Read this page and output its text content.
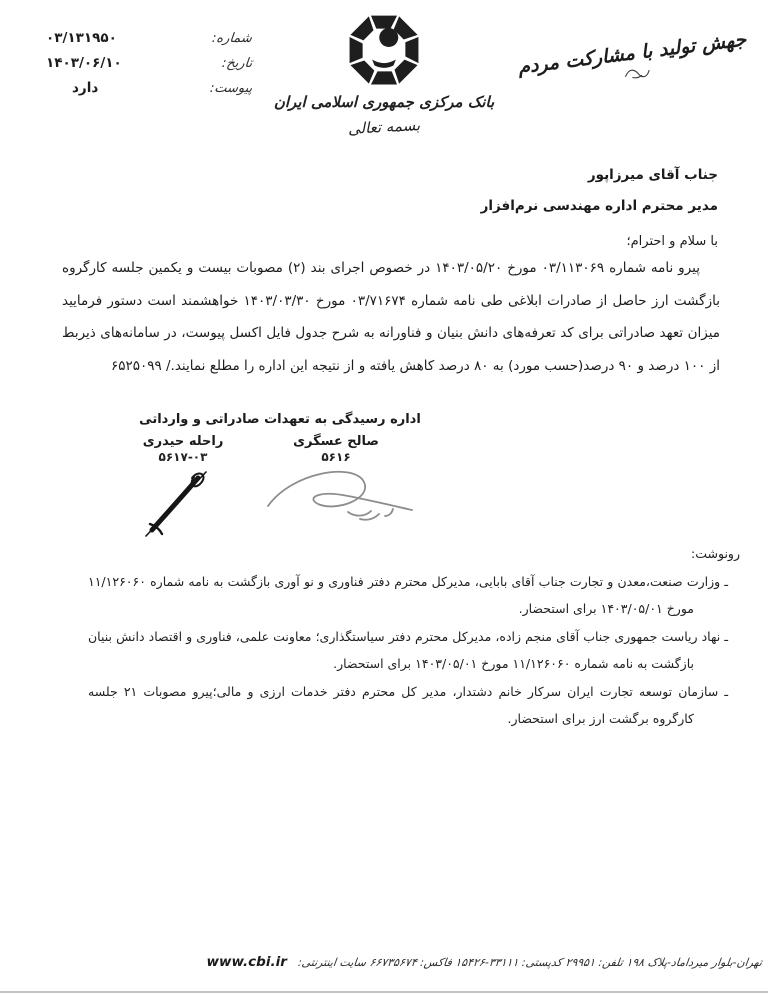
جهش تولید با مشارکت مردم
بانک مرکزی جمهوری اسلامی ایران
بسمه تعالی
شماره:
۰۳/۱۳۱۹۵۰
تاریخ:
۱۴۰۳/۰۶/۱۰
پیوست:
دارد
جناب آقای میرزاپور
مدیر محترم اداره مهندسی نرم‌افزار
با سلام و احترام؛

پیرو نامه شماره ۰۳/۱۱۳۰۶۹ مورخ ۱۴۰۳/۰۵/۲۰ در خصوص اجرای بند (۲) مصوبات بیست و یکمین جلسه کارگروه بازگشت ارز حاصل از صادرات ابلاغی طی نامه شماره ۰۳/۷۱۶۷۴ مورخ ۱۴۰۳/۰۳/۳۰ خواهشمند است دستور فرمایید میزان تعهد صادراتی برای کد تعرفه‌های دانش بنیان و فناورانه به شرح جدول فایل اکسل پیوست، در سامانه‌های ذیربط از ۱۰۰ درصد و ۹۰ درصد(حسب مورد) به ۸۰ درصد کاهش یافته و از نتیجه این اداره را مطلع نمایند./ ۶۵۲۵۰۹۹

اداره رسیدگی به تعهدات صادراتی و وارداتی
صالح عسگری
۵۶۱۶
راحله حیدری
۵۶۱۷-۰۳
رونوشت:
ـ وزارت صنعت،معدن و تجارت جناب آقای بابایی، مدیرکل محترم دفتر فناوری و نو آوری بازگشت به نامه شماره ۱۱/۱۲۶۰۶۰ مورخ ۱۴۰۳/۰۵/۰۱ برای استحضار.
ـ نهاد ریاست جمهوری جناب آقای منجم زاده، مدیرکل محترم دفتر سیاستگذاری؛ معاونت علمی، فناوری و اقتصاد دانش بنیان بازگشت به نامه شماره ۱۱/۱۲۶۰۶۰ مورخ ۱۴۰۳/۰۵/۰۱ برای استحضار.
ـ سازمان توسعه تجارت ایران سرکار خانم دشتدار، مدیر کل محترم دفتر خدمات ارزی و مالی؛پیرو مصوبات ۲۱ جلسه کارگروه برگشت ارز برای استحضار.
تهران-بلوار میرداماد-پلاک ۱۹۸ تلفن: ۲۹۹۵۱ کدپستی: ۳۳۱۱۱-۱۵۴۲۶ فاکس: ۶۶۷۳۵۶۷۴ سایت اینترنتی: www.cbi.ir
